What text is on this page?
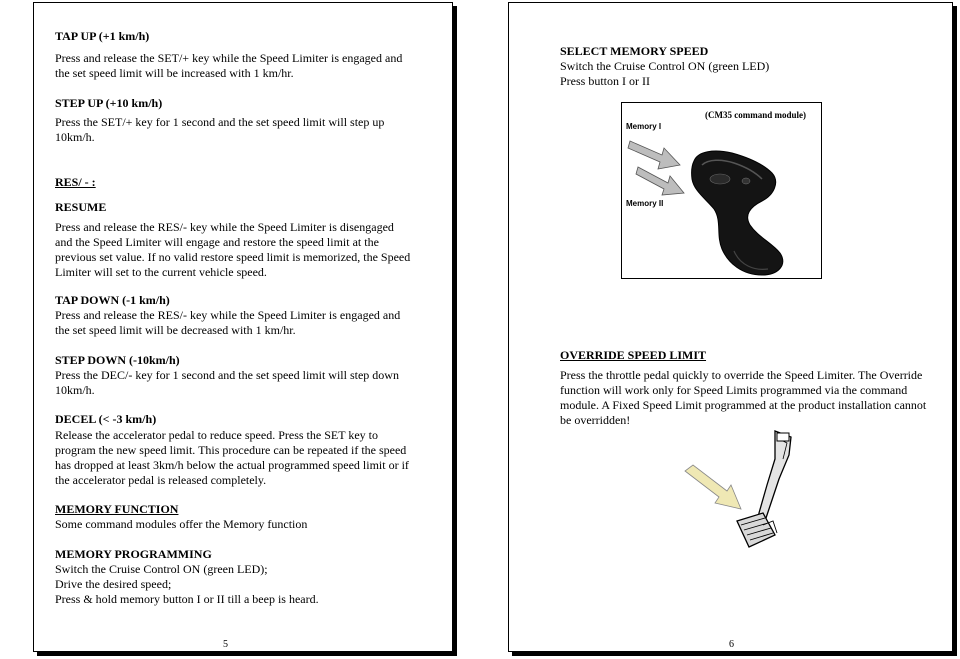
TAP UP (+1 km/h)
Press and release the SET/+ key while the Speed Limiter is engaged and the set speed limit will be increased with 1 km/hr.
STEP UP (+10 km/h)
Press the SET/+ key for 1 second and the set speed limit will step up 10km/h.
RES/ - :
RESUME
Press and release the RES/- key while the Speed Limiter is disengaged and the Speed Limiter will engage and restore the speed limit at the previous set value. If no valid restore speed limit is memorized, the Speed Limiter will set to the current vehicle speed.
TAP DOWN (-1 km/h)
Press and release the RES/- key while the Speed Limiter is engaged and the set speed limit will be decreased with 1 km/hr.
STEP DOWN (-10km/h)
Press the DEC/- key for 1 second and the set speed limit will step down 10km/h.
DECEL (< -3 km/h)
Release the accelerator pedal to reduce speed. Press the SET key to program the new speed limit. This procedure can be repeated if the speed has dropped at least 3km/h below the actual programmed speed limit or if the accelerator pedal is released completely.
MEMORY FUNCTION
Some command modules offer the Memory function
MEMORY PROGRAMMING
Switch the Cruise Control ON (green LED);
Drive the desired speed;
Press & hold memory button I or II till a beep is heard.
5
SELECT MEMORY SPEED
Switch the Cruise Control ON (green LED)
Press button I or II
(CM35 command module)
Memory I
Memory II
OVERRIDE SPEED LIMIT
Press the throttle pedal quickly to override the Speed Limiter. The Override function will work only for Speed Limits programmed via the command module. A Fixed Speed Limit programmed at the product installation cannot be overridden!
6
